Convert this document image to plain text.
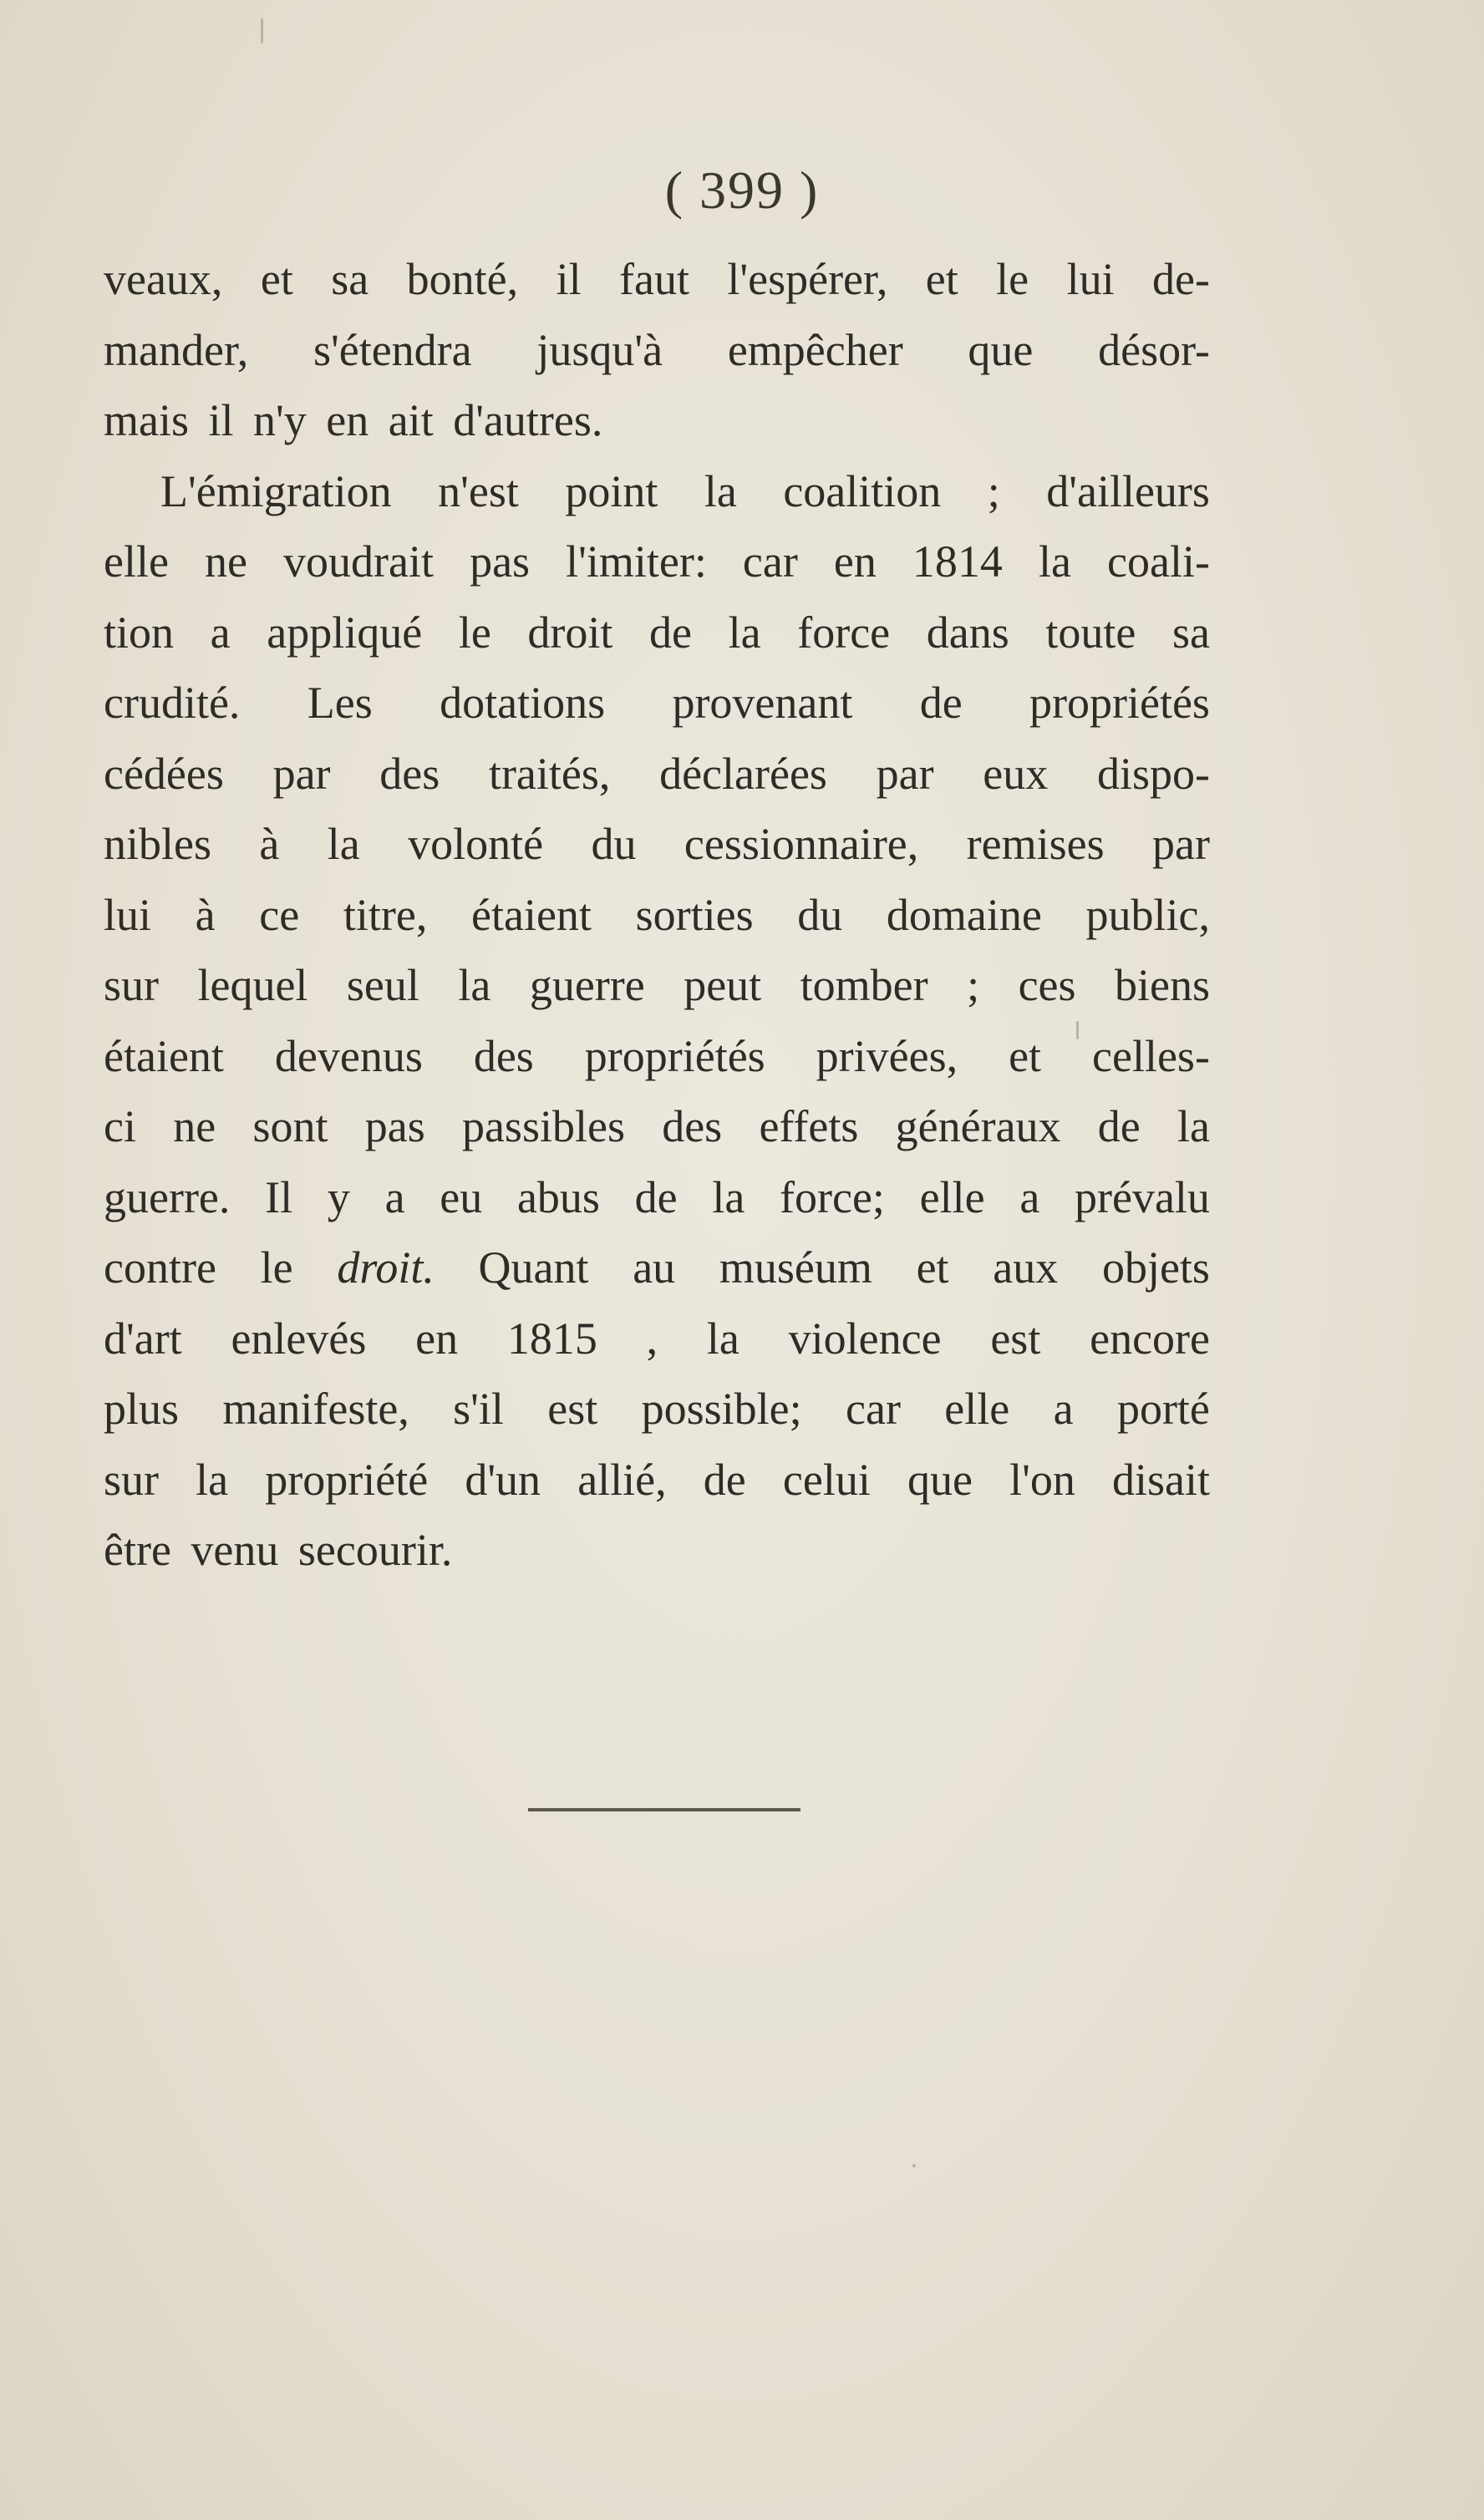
( 399 )
veaux, et sa bonté, il faut l'espérer, et le lui de-
mander, s'étendra jusqu'à empêcher que désor-
mais
il
n'y
en
ait
d'autres.
L'émigration n'est point la coalition ; d'ailleurs
elle ne voudrait pas l'imiter: car en 1814 la coali-
tion a appliqué le droit de la force dans toute sa
crudité. Les dotations provenant de propriétés
cédées par des traités, déclarées par eux dispo-
nibles à la volonté du cessionnaire, remises par
lui à ce titre, étaient sorties du domaine public,
sur lequel seul la guerre peut tomber ; ces biens
étaient devenus des propriétés privées, et celles-
ci ne sont pas passibles des effets généraux de la
guerre. Il y a eu abus de la force; elle a prévalu
contre le droit. Quant au muséum et aux objets
d'art enlevés en 1815 , la violence est encore
plus manifeste, s'il est possible; car elle a porté
sur la propriété d'un allié, de celui que l'on disait
être
venu
secourir.
